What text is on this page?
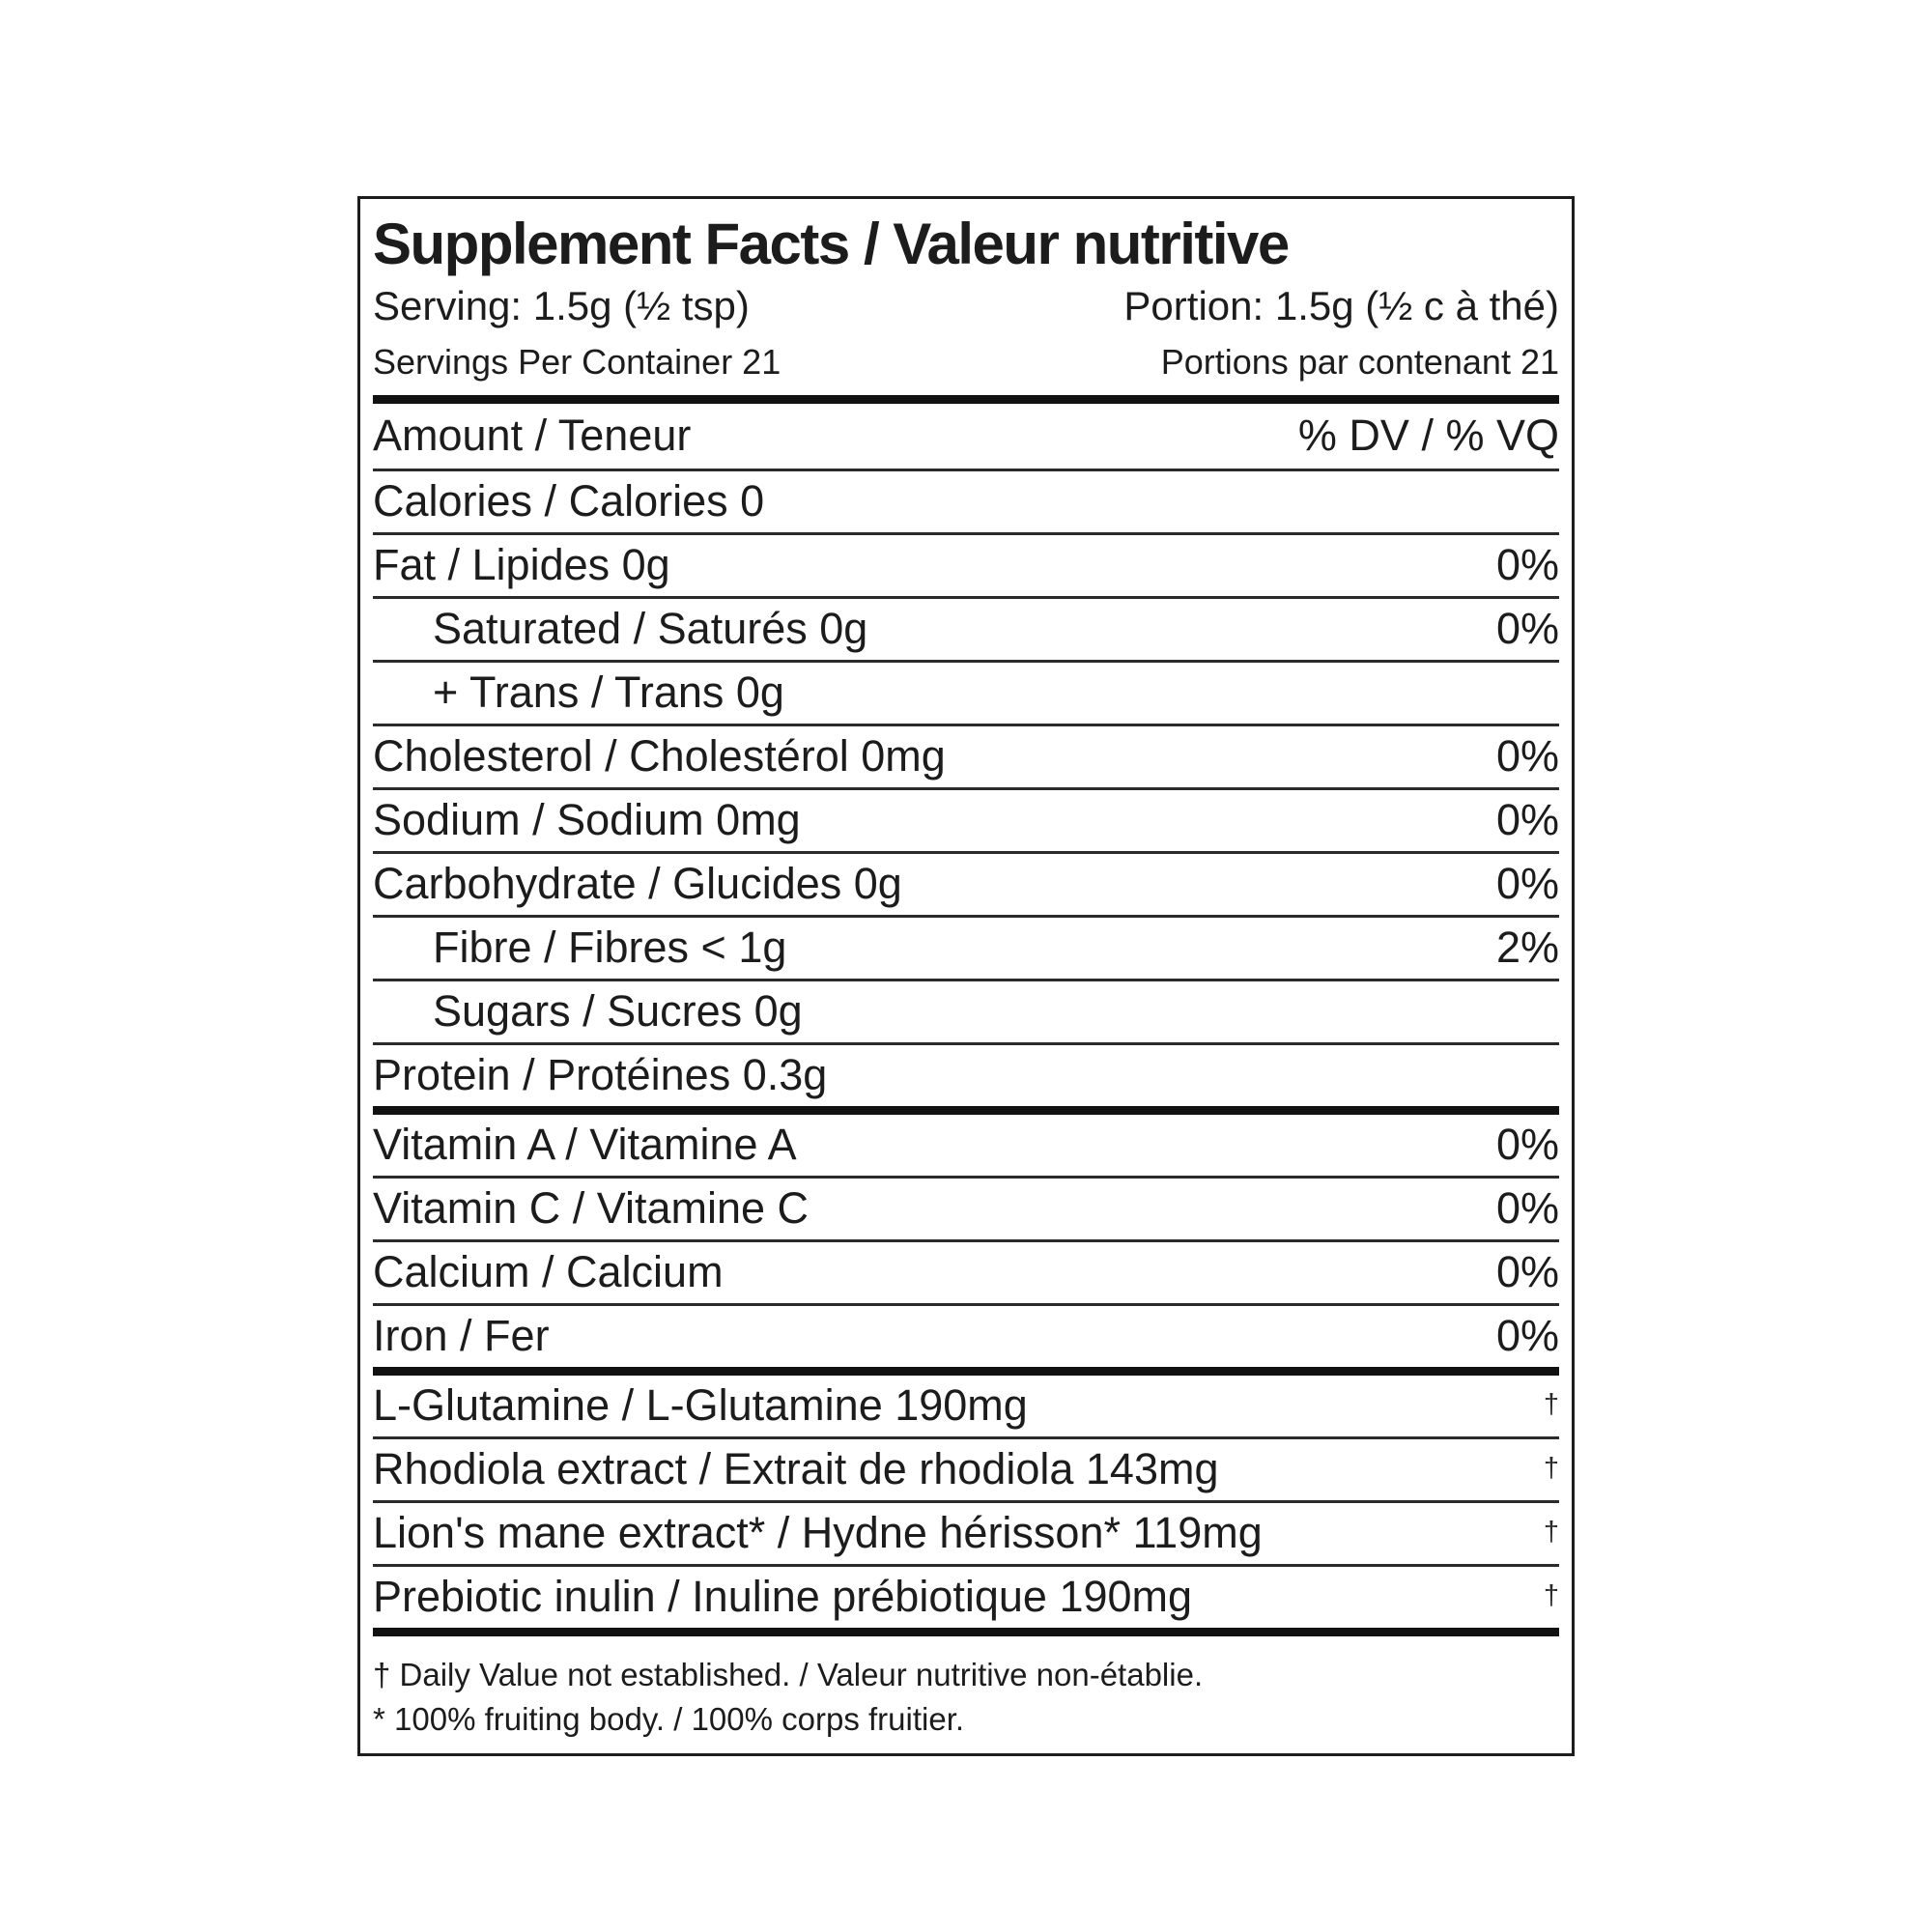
Supplement Facts / Valeur nutritive
Serving: 1.5g (½ tsp)	Portion: 1.5g (½ c à thé)
Servings Per Container 21	Portions par contenant 21
Amount / Teneur	% DV / % VQ
Calories / Calories 0
Fat / Lipides 0g	0%
Saturated / Saturés 0g	0%
+ Trans / Trans 0g
Cholesterol / Cholestérol 0mg	0%
Sodium / Sodium 0mg	0%
Carbohydrate / Glucides 0g	0%
Fibre / Fibres < 1g	2%
Sugars / Sucres 0g
Protein / Protéines 0.3g
Vitamin A / Vitamine A	0%
Vitamin C / Vitamine C	0%
Calcium / Calcium	0%
Iron / Fer	0%
L-Glutamine / L-Glutamine 190mg	†
Rhodiola extract / Extrait de rhodiola 143mg	†
Lion's mane extract* / Hydne hérisson* 119mg	†
Prebiotic inulin / Inuline prébiotique 190mg	†
† Daily Value not established. / Valeur nutritive non-établie.
* 100% fruiting body. / 100% corps fruitier.
